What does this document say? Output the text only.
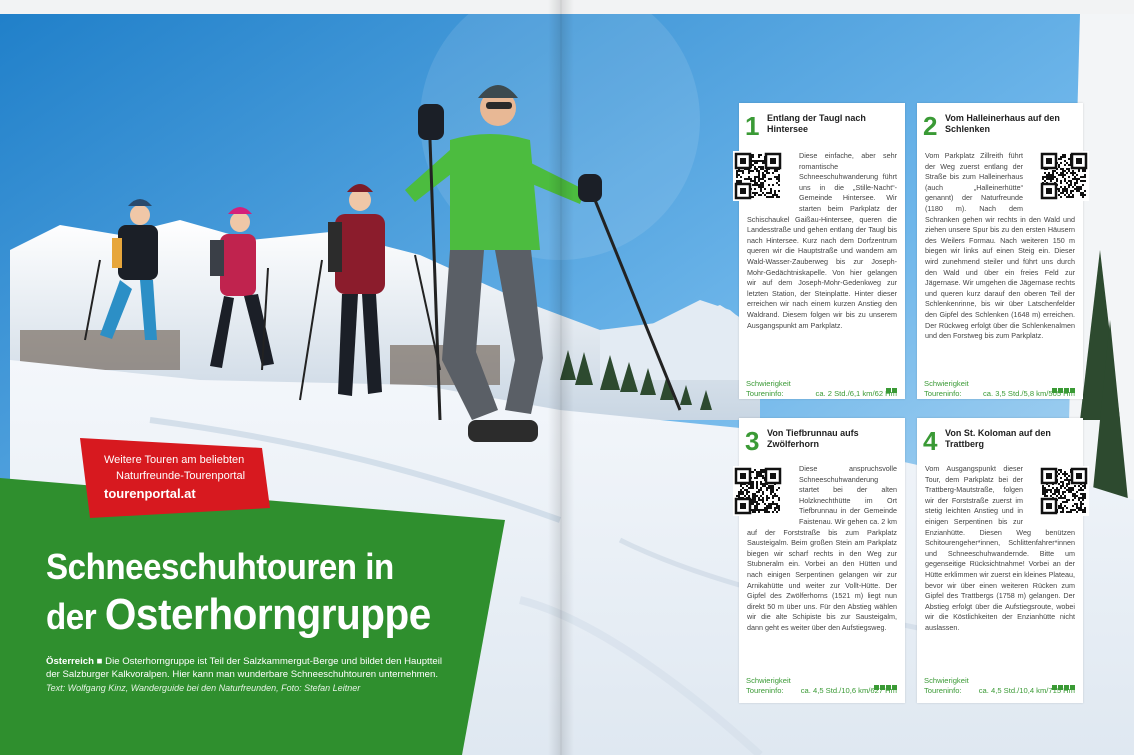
Weitere Touren am beliebten
Naturfreunde-Tourenportal
tourenportal.at
Schneeschuhtouren in
der Osterhorngruppe
Österreich ■ Die Osterhorngruppe ist Teil der Salzkammergut-Berge und bildet den Hauptteil der Salzburger Kalkvoralpen. Hier kann man wunderbare Schneeschuhtouren unternehmen.
Text: Wolfgang Kinz, Wanderguide bei den Naturfreunden, Foto: Stefan Leitner
1 Entlang der Taugl nach Hintersee
Diese einfache, aber sehr romantische Schneeschuhwanderung führt uns in die „Stille-Nacht“-Gemeinde Hintersee. Wir starten beim Parkplatz der Schischaukel Gaißau-Hintersee, queren die Landesstraße und gehen entlang der Taugl bis nach Hintersee. Kurz nach dem Dorfzentrum queren wir die Hauptstraße und wandern am Wald-Wasser-Zauberweg bis zur Joseph-Mohr-Gedächtniskapelle. Von hier gelangen wir auf dem Joseph-Mohr-Gedenkweg zur letzten Station, der Steinplatte. Hinter dieser erreichen wir nach einem kurzen Anstieg den Waldrand. Diesem folgen wir bis zu unserem Ausgangspunkt am Parkplatz.
Schwierigkeit
Toureninfo:	ca. 2 Std./6,1 km/62 Hm
2 Vom Halleinerhaus auf den Schlenken
Vom Parkplatz Zillreith führt der Weg zuerst entlang der Straße bis zum Halleinerhaus (auch „Halleinerhütte“ genannt) der Naturfreunde (1180 m). Nach dem Schranken gehen wir rechts in den Wald und ziehen unsere Spur bis zu den ersten Häusern des Weilers Formau. Nach weiteren 150 m biegen wir links auf einen Steig ein. Dieser wird zunehmend steiler und führt uns durch den Wald und über ein freies Feld zur Jägernase. Wir umgehen die Jägernase rechts und queren kurz darauf den oberen Teil der Schlenkenrinne, bis wir über Latschenfelder den Gipfel des Schlenken (1648 m) erreichen. Der Rückweg erfolgt über die Schlenkenalmen und den Forstweg bis zum Parkplatz.
Schwierigkeit
Toureninfo:	ca. 3,5 Std./5,8 km/505 Hm
3 Von Tiefbrunnau aufs Zwölferhorn
Diese anspruchsvolle Schneeschuhwanderung startet bei der alten Holzknechthütte im Ort Tiefbrunnau in der Gemeinde Faistenau. Wir gehen ca. 2 km auf der Forststraße bis zum Parkplatz Sausteigalm. Beim großen Stein am Parkplatz biegen wir scharf rechts in den Weg zur Stubneralm ein. Vorbei an den Hütten und nach einigen Serpentinen gelangen wir zur Arnikahütte und weiter zur Vollt-Hütte. Der Gipfel des Zwölferhorns (1521 m) liegt nun direkt 50 m über uns. Für den Abstieg wählen wir die alte Schipiste bis zur Sausteigalm, dann geht es weiter über den Aufstiegsweg.
Schwierigkeit
Toureninfo: ca. 4,5 Std./10,6 km/627 Hm
4 Von St. Koloman auf den Trattberg
Vom Ausgangspunkt dieser Tour, dem Parkplatz bei der Trattberg-Mautstraße, folgen wir der Forststraße zuerst im stetig leichten Anstieg und in einigen Serpentinen bis zur Enzianhütte. Diesen Weg benützen Schitourengeher*innen, Schlittenfahrer*innen und Schneeschuhwandernde. Bitte um gegenseitige Rücksichtnahme! Vorbei an der Hütte erklimmen wir zuerst ein kleines Plateau, bevor wir über einen weiteren Rücken zum Gipfel des Trattbergs (1758 m) gelangen. Der Abstieg erfolgt über die Aufstiegsroute, wobei wir die Köstlichkeiten der Enzianhütte nicht auslassen.
Schwierigkeit
Toureninfo: ca. 4,5 Std./10,4 km/715 Hm
